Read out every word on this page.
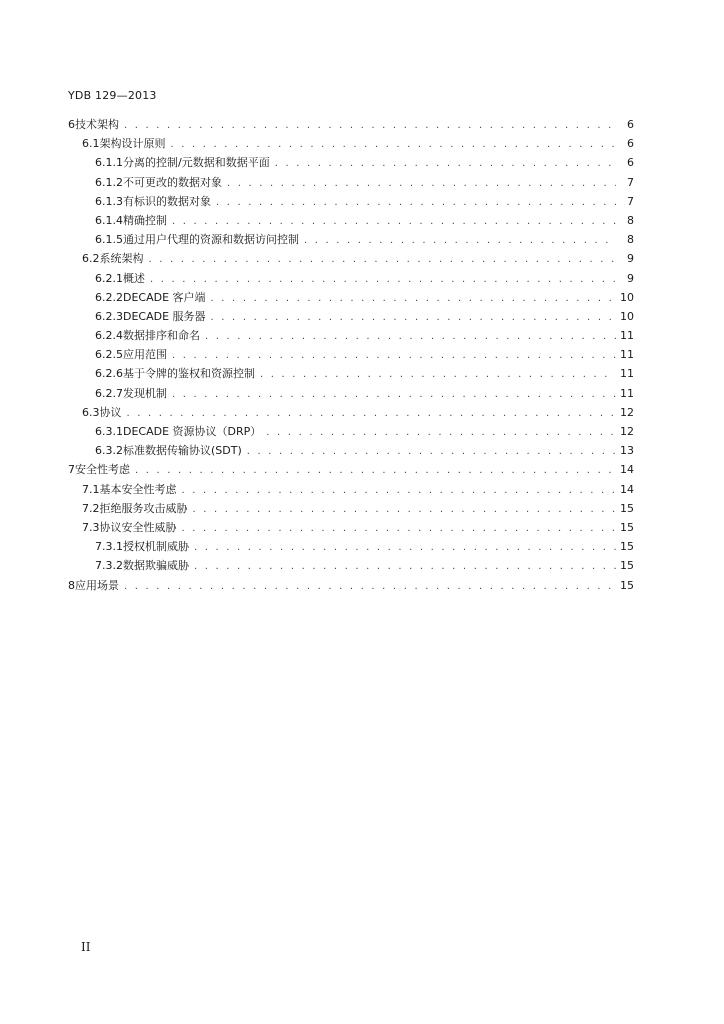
YDB 129—2013
6 技术架构 . . .	6
6.1 架构设计原则 . . .	6
6.1.1 分离的控制/元数据和数据平面 . . .	6
6.1.2 不可更改的数据对象 . . .	7
6.1.3 有标识的数据对象 . . .	7
6.1.4 精确控制 . . .	8
6.1.5 通过用户代理的资源和数据访问控制 . . .	8
6.2 系统架构 . . .	9
6.2.1 概述 . . .	9
6.2.2 DECADE 客户端 . . .	10
6.2.3 DECADE 服务器 . . .	10
6.2.4 数据排序和命名 . . .	11
6.2.5 应用范围 . . .	11
6.2.6 基于令牌的鉴权和资源控制 . . .	11
6.2.7 发现机制 . . .	11
6.3 协议 . . .	12
6.3.1 DECADE 资源协议（DRP） . . .	12
6.3.2 标准数据传输协议(SDT) . . .	13
7 安全性考虑 . . .	14
7.1 基本安全性考虑 . . .	14
7.2 拒绝服务攻击威胁 . . .	15
7.3 协议安全性威胁 . . .	15
7.3.1 授权机制威胁 . . .	15
7.3.2 数据欺骗威胁 . . .	15
8 应用场景 . . .	15
II
